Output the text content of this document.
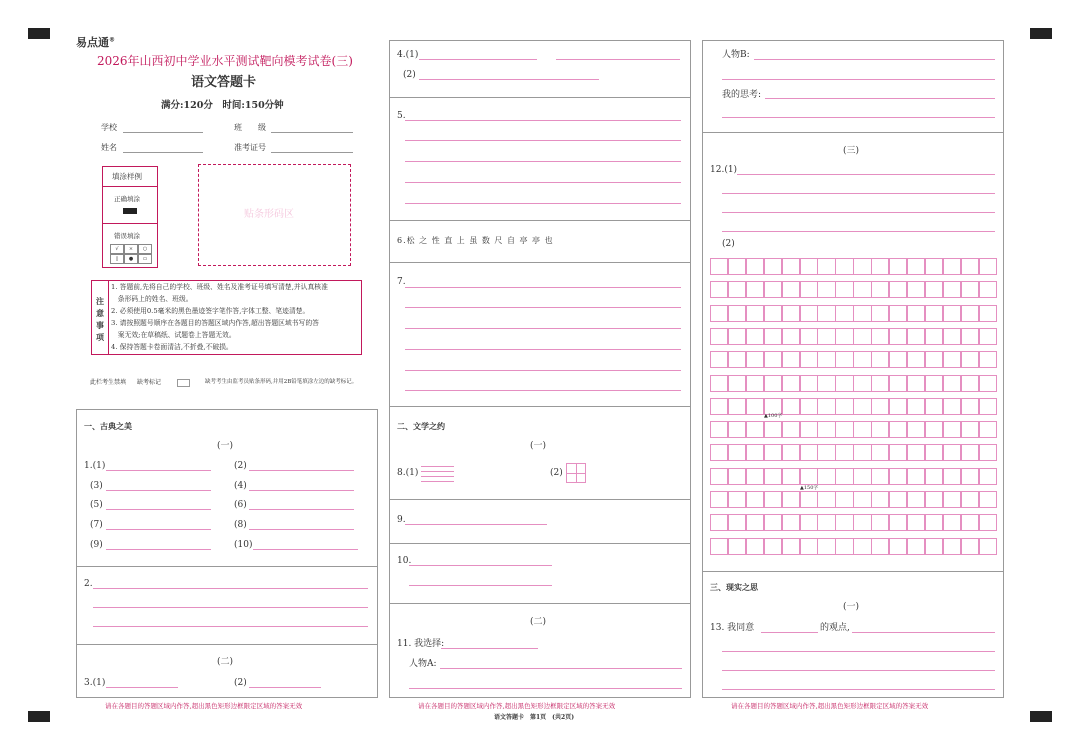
易点通®
2026年山西初中学业水平测试靶向模考试卷(三)
语文答题卡
满分:120分　时间:150分钟
学校	班　　级
姓名	准考证号
填涂样例
正确填涂
错误填涂
√ × ○
▯ ● ▭
贴条形码区
注
意
事
项
1. 答题前,先将自己的学校、班级、姓名及准考证号填写清楚,并认真核准
　条形码上的姓名、班级。
2. 必须使用0.5毫米的黑色墨迹签字笔作答,字体工整、笔迹清楚。
3. 请按照题号顺序在各题目的答题区域内作答,超出答题区域书写的答
　案无效;在草稿纸、试题卷上答题无效。
4. 保持答题卡卷面清洁,不折叠,不破损。
此栏考生禁填 缺考标记	缺考考生由监考员贴条形码,并用2B铅笔填涂左边的缺考标记。
一、古典之美
(一)
1.(1)	(2)
(3)	(4)
(5)	(6)
(7)	(8)
(9)	(10)
2.
(二)
3.(1)	(2)
请在各题目的答题区域内作答,超出黑色矩形边框限定区域的答案无效
4.(1)
(2)
5.
6.松 之 性 直 上 虽 数 尺 自 亭 亭 也
7.
二、文学之约
(一)
8.(1)	(2)
9.
10.
(二)
11. 我选择:
人物A:
请在各题目的答题区域内作答,超出黑色矩形边框限定区域的答案无效
语文答题卡　第1页　(共2页)
人物B:
我的思考:
(三)
12.(1)
(2)
▲100字
▲150字
三、现实之思
(一)
13. 我同意	的观点,
请在各题目的答题区域内作答,超出黑色矩形边框限定区域的答案无效
